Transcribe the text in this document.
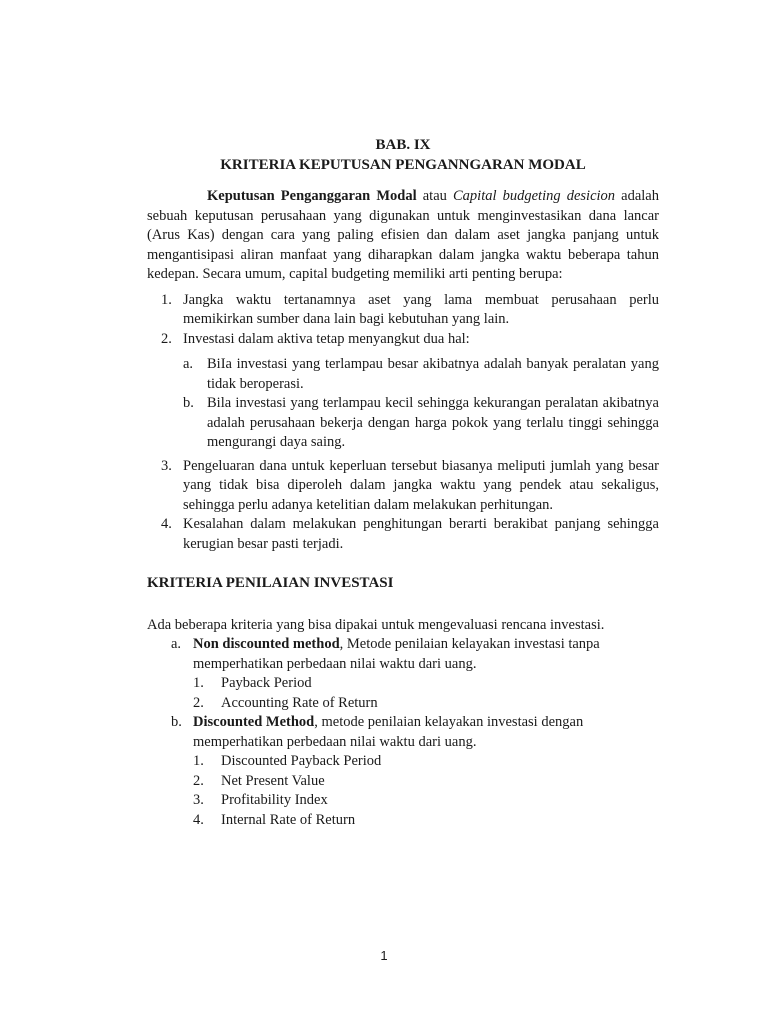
BAB. IX
KRITERIA KEPUTUSAN PENGANNGARAN MODAL

Keputusan Penganggaran Modal atau Capital budgeting desicion adalah sebuah keputusan perusahaan yang digunakan untuk menginvestasikan dana lancar (Arus Kas) dengan cara yang paling efisien dan dalam aset jangka panjang untuk mengantisipasi aliran manfaat yang diharapkan dalam jangka waktu beberapa tahun kedepan. Secara umum, capital budgeting memiliki arti penting berupa:

1. Jangka waktu tertanamnya aset yang lama membuat perusahaan perlu memikirkan sumber dana lain bagi kebutuhan yang lain.
2. Investasi dalam aktiva tetap menyangkut dua hal:
a. BiIa investasi yang terlampau besar akibatnya adalah banyak peralatan yang tidak beroperasi.
b. Bila investasi yang terlampau kecil sehingga kekurangan peralatan akibatnya adalah perusahaan bekerja dengan harga pokok yang terlalu tinggi sehingga mengurangi daya saing.
3. Pengeluaran dana untuk keperluan tersebut biasanya meliputi jumlah yang besar yang tidak bisa diperoleh dalam jangka waktu yang pendek atau sekaligus, sehingga perlu adanya ketelitian dalam melakukan perhitungan.
4. Kesalahan dalam melakukan penghitungan berarti berakibat panjang sehingga kerugian besar pasti terjadi.
KRITERIA PENILAIAN INVESTASI
Ada beberapa kriteria yang bisa dipakai untuk mengevaluasi rencana investasi.
a. Non discounted method, Metode penilaian kelayakan investasi tanpa memperhatikan perbedaan nilai waktu dari uang.
1. Payback Period
2. Accounting Rate of Return
b. Discounted Method, metode penilaian kelayakan investasi dengan memperhatikan perbedaan nilai waktu dari uang.
1. Discounted Payback Period
2. Net Present Value
3. Profitability Index
4. Internal Rate of Return
1
